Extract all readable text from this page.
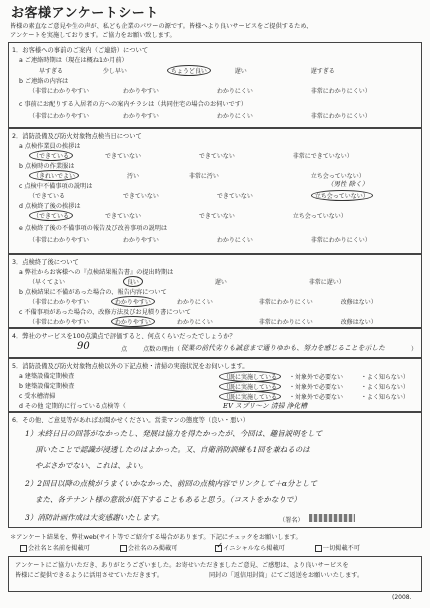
お客様アンケートシート
皆様の素直なご意見や生の声が、私ども企業のパワーの源です。皆様へより良いサービスをご提供するため、
アンケートを実施しております。ご協力をお願い致します。
1．お客様への事前のご案内（ご連絡）について
a ご連絡時期は（現在は概ね1か月前）
早すぎる	少し早い	ちょうど良い	遅い	遅すぎる
b ご連絡の内容は
（非常にわかりやすい	わかりやすい	わかりにくい	非常にわかりにくい）
c 事前にお配りする入居者の方への案内チラシは（共同住宅の場合のお伺いです）
（非常にわかりやすい	わかりやすい	わかりにくい	非常にわかりにくい）
2．消防設備及び防火対象物点検当日について
a 点検作業員の挨拶は
（できている	できていない	できていない	非常にできていない）
b 点検時の作業服は
（きれいでよい	汚い	非常に汚い	立ち会っていない）
c 点検中不備事項の説明は	（男性 除く）
（できている	できていない	できていない	立ち会っていない）
d 点検終了後の挨拶は
（できている	できていない	できていない	立ち会っていない）
e 点検終了後の不備事項の報告及び改善事項の説明は
（非常にわかりやすい	わかりやすい	わかりにくい	非常にわかりにくい）
3．点検終了後について
a 弊社からお客様への『点検結果報告書』の提出時期は
（早くてよい	良い	遅い	非常に遅い）
b 点検結果に不備があった場合の、報告内容について
（非常にわかりやすい	わかりやすい	わかりにくい	非常にわかりにくい	改修はない）
c 不備事項があった場合の、改修方法及びお見積り書について
（非常にわかりやすい	わかりやすい	わかりにくい	非常にわかりにくい	改修はない）
4．弊社のサービスを100点満点で評価すると、何点くらいだったでしょうか？
90	点	点数の理由（ 従業の前代劣りも誠意まで通りゆかも、努力を感じることを示した	）
5．消防設備及び防火対象物点検以外の下記点検・清掃の実施状況をお伺いします。
a 建築設備定期検査	（既に実施している ・対象外で必要ない	・よく知らない）
b 建築設備定期検査	（既に実施している ・対象外で必要ない	・よく知らない）
c 受水槽清掃	（既に実施している ・対象外で必要ない	・よく知らない）
d その他 定期的に行っている点検等（	EV スプリ〜ン 清掃 浄化槽
6．その他、ご意見等があればお聞かせください。営業マンの態度等（良い・悪い）
1）未終日日の回答がなかったし、発展は協力を得たかったが、今回は、趣旨説明をして
頂いたことで認識が浸透したのはよかった。又、自衛消防訓練も1回を兼ねるのは
やぶさかでない、これは、よい。
2）2回目以降の点検がうまくいかなかった、前回の点検内容でリンクして＋α分として
また、各テナント様の意欲が低下することもあると思う。（コストをかなりで）
3）消防計画作成は大変感謝いたします。	（署名）
＊アンケート結果を、弊社web(サイト等でご紹介する場合があります。下記にチェックをお願いします。
会社名と名前を掲載可	会社名のみ掲載可	✓ イニシャルなら掲載可	一切掲載不可
アンケートにご協力いただき、ありがとうございました。お寄せいただきましたご意見、ご感想は、より良いサービスを
皆様にご提供できるように活用させていただきます。	同封の「返信用封筒」にてご返送をお願いいたします。
(2008.
